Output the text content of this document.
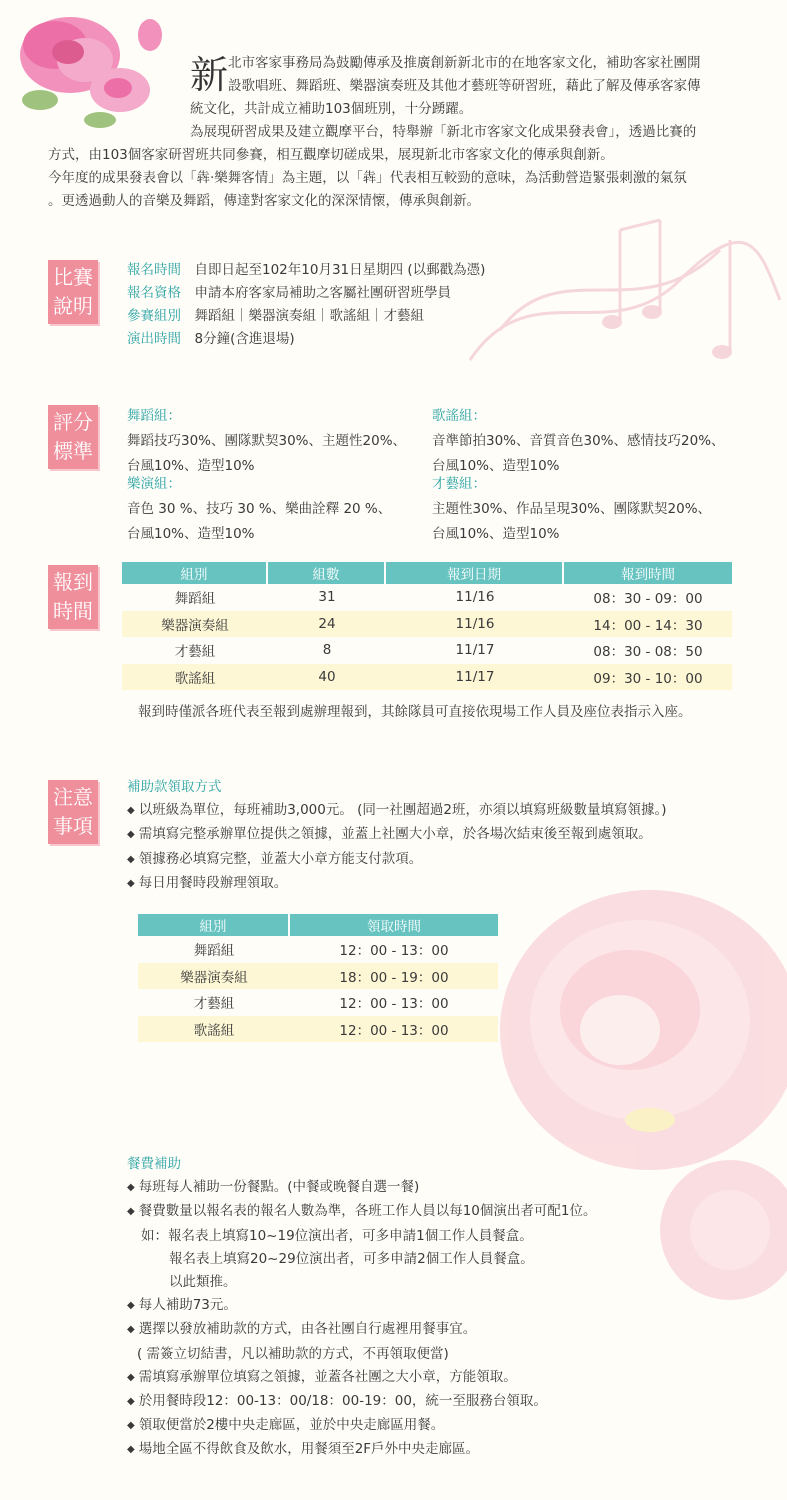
新 北市客家事務局為鼓勵傳承及推廣創新新北市的在地客家文化，補助客家社團開

設歌唱班、舞蹈班、樂器演奏班及其他才藝班等研習班，藉此了解及傳承客家傳

統文化，共計成立補助103個班別，十分踴躍。

為展現研習成果及建立觀摩平台，特舉辦「新北市客家文化成果發表會」，透過比賽的

方式，由103個客家研習班共同參賽，相互觀摩切磋成果，展現新北市客家文化的傳承與創新。

今年度的成果發表會以「犇‧樂舞客情」為主題，以「犇」代表相互較勁的意味，為活動營造緊張刺激的氣氛

。更透過動人的音樂及舞蹈，傳達對客家文化的深深情懷，傳承與創新。

比賽
說明
報名時間　 自即日起至102年10月31日星期四 (以郵戳為憑)
報名資格　 申請本府客家局補助之客屬社團研習班學員
參賽組別　 舞蹈組｜樂器演奏組｜歌謠組｜才藝組
演出時間　 8分鐘(含進退場)
評分
標準
舞蹈組：
舞蹈技巧30%、團隊默契30%、主題性20%、
台風10%、造型10%
歌謠組：
音準節拍30%、音質音色30%、感情技巧20%、
台風10%、造型10%
樂演組：
音色 30 %、技巧 30 %、樂曲詮釋 20 %、
台風10%、造型10%
才藝組：
主題性30%、作品呈現30%、團隊默契20%、
台風10%、造型10%
報到
時間
組別	組數	報到日期	報到時間
舞蹈組	31	11/16	08：30 - 09：00
樂器演奏組	24	11/16	14：00 - 14：30
才藝組	8	11/17	08：30 - 08：50
歌謠組	40	11/17	09：30 - 10：00
報到時僅派各班代表至報到處辦理報到，其餘隊員可直接依現場工作人員及座位表指示入座。
注意
事項
補助款領取方式
◆ 以班級為單位，每班補助3,000元。 (同一社團超過2班，亦須以填寫班級數量填寫領據。)
◆ 需填寫完整承辦單位提供之領據，並蓋上社團大小章，於各場次結束後至報到處領取。
◆ 領據務必填寫完整，並蓋大小章方能支付款項。
◆ 每日用餐時段辦理領取。
組別	領取時間
舞蹈組	12：00 - 13：00
樂器演奏組	18：00 - 19：00
才藝組	12：00 - 13：00
歌謠組	12：00 - 13：00
餐費補助
◆ 每班每人補助一份餐點。(中餐或晚餐自選一餐)
◆ 餐費數量以報名表的報名人數為準，各班工作人員以每10個演出者可配1位。
如：報名表上填寫10~19位演出者，可多申請1個工作人員餐盒。
報名表上填寫20~29位演出者，可多申請2個工作人員餐盒。
以此類推。
◆ 每人補助73元。
◆ 選擇以發放補助款的方式，由各社團自行處裡用餐事宜。
( 需簽立切結書，凡以補助款的方式，不再領取便當)
◆ 需填寫承辦單位填寫之領據，並蓋各社團之大小章，方能領取。
◆ 於用餐時段12：00-13：00/18：00-19：00，統一至服務台領取。
◆ 領取便當於2樓中央走廊區，並於中央走廊區用餐。
◆ 場地全區不得飲食及飲水，用餐須至2F戶外中央走廊區。
